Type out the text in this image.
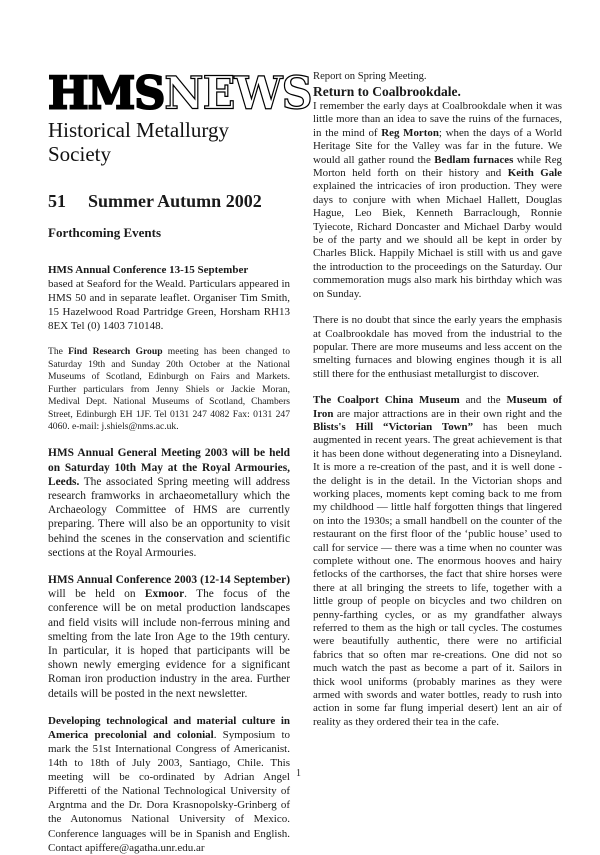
HMS NEWS
Historical Metallurgy Society
51 Summer Autumn 2002
Forthcoming Events

HMS Annual Conference 13-15 September
based at Seaford for the Weald. Particulars appeared in HMS 50 and in separate leaflet. Organiser Tim Smith, 15 Hazelwood Road Partridge Green, Horsham RH13 8EX Tel (0) 1403 710148.

The Find Research Group meeting has been changed to Saturday 19th and Sunday 20th October at the National Museums of Scotland, Edinburgh on Fairs and Markets. Further particulars from Jenny Shiels or Jackie Moran, Medival Dept. National Museums of Scotland, Chambers Street, Edinburgh EH 1JF. Tel 0131 247 4082 Fax: 0131 247 4060. e-mail: j.shiels@nms.ac.uk.

HMS Annual General Meeting 2003 will be held on Saturday 10th May at the Royal Armouries, Leeds. The associated Spring meeting will address research framworks in archaeometallury which the Archaeology Committee of HMS are currently preparing. There will also be an opportunity to visit behind the scenes in the conservation and scientific sections at the Royal Armouries.

HMS Annual Conference 2003 (12-14 September) will be held on Exmoor. The focus of the conference will be on metal production landscapes and field visits will include non-ferrous mining and smelting from the late Iron Age to the 19th century. In particular, it is hoped that participants will be shown newly emerging evidence for a significant Roman iron production industry in the area. Further details will be posted in the next newsletter.

Developing technological and material culture in America precolonial and colonial. Symposium to mark the 51st International Congress of Americanist. 14th to 18th of July 2003, Santiago, Chile. This meeting will be co-ordinated by Adrian Angel Pifferetti of the National Technological University of Argntma and the Dr. Dora Krasnopolsky-Grinberg of the Autonomus National University of Mexico. Conference languages will be in Spanish and English. Contact apiffere@agatha.unr.edu.ar

Report on Spring Meeting.
Return to Coalbrookdale.

I remember the early days at Coalbrookdale when it was little more than an idea to save the ruins of the furnaces, in the mind of Reg Morton; when the days of a World Heritage Site for the Valley was far in the future. We would all gather round the Bedlam furnaces while Reg Morton held forth on their history and Keith Gale explained the intricacies of iron production. They were days to conjure with when Michael Hallett, Douglas Hague, Leo Biek, Kenneth Barraclough, Ronnie Tyiecote, Richard Doncaster and Michael Darby would be of the party and we should all be kept in order by Charles Blick. Happily Michael is still with us and gave the introduction to the proceedings on the Saturday. Our commemoration mugs also mark his birthday which was on Sunday.

There is no doubt that since the early years the emphasis at Coalbrookdale has moved from the industrial to the popular. There are more museums and less accent on the smelting furnaces and blowing engines though it is all still there for the enthusiast metallurgist to discover.

The Coalport China Museum and the Museum of Iron are major attractions are in their own right and the Blists's Hill “Victorian Town” has been much augmented in recent years. The great achievement is that it has been done without degenerating into a Disneyland. It is more a re-creation of the past, and it is well done - the delight is in the detail. In the Victorian shops and working places, moments kept coming back to me from my childhood — little half forgotten things that lingered on into the 1930s; a small handbell on the counter of the restaurant on the first floor of the ‘public house’ used to call for service — there was a time when no counter was complete without one. The enormous hooves and hairy fetlocks of the carthorses, the fact that shire horses were there at all bringing the streets to life, together with a little group of people on bicycles and two children on penny-farthing cycles, or as my grandfather always referred to them as the high or tall cycles. The costumes were beautifully authentic, there were no artificial fabrics that so often mar re-creations. One did not so much watch the past as become a part of it. Sailors in thick wool uniforms (probably marines as they were armed with swords and water bottles, ready to rush into action in some far flung imperial desert) lent an air of reality as they ordered their tea in the cafe.

1
